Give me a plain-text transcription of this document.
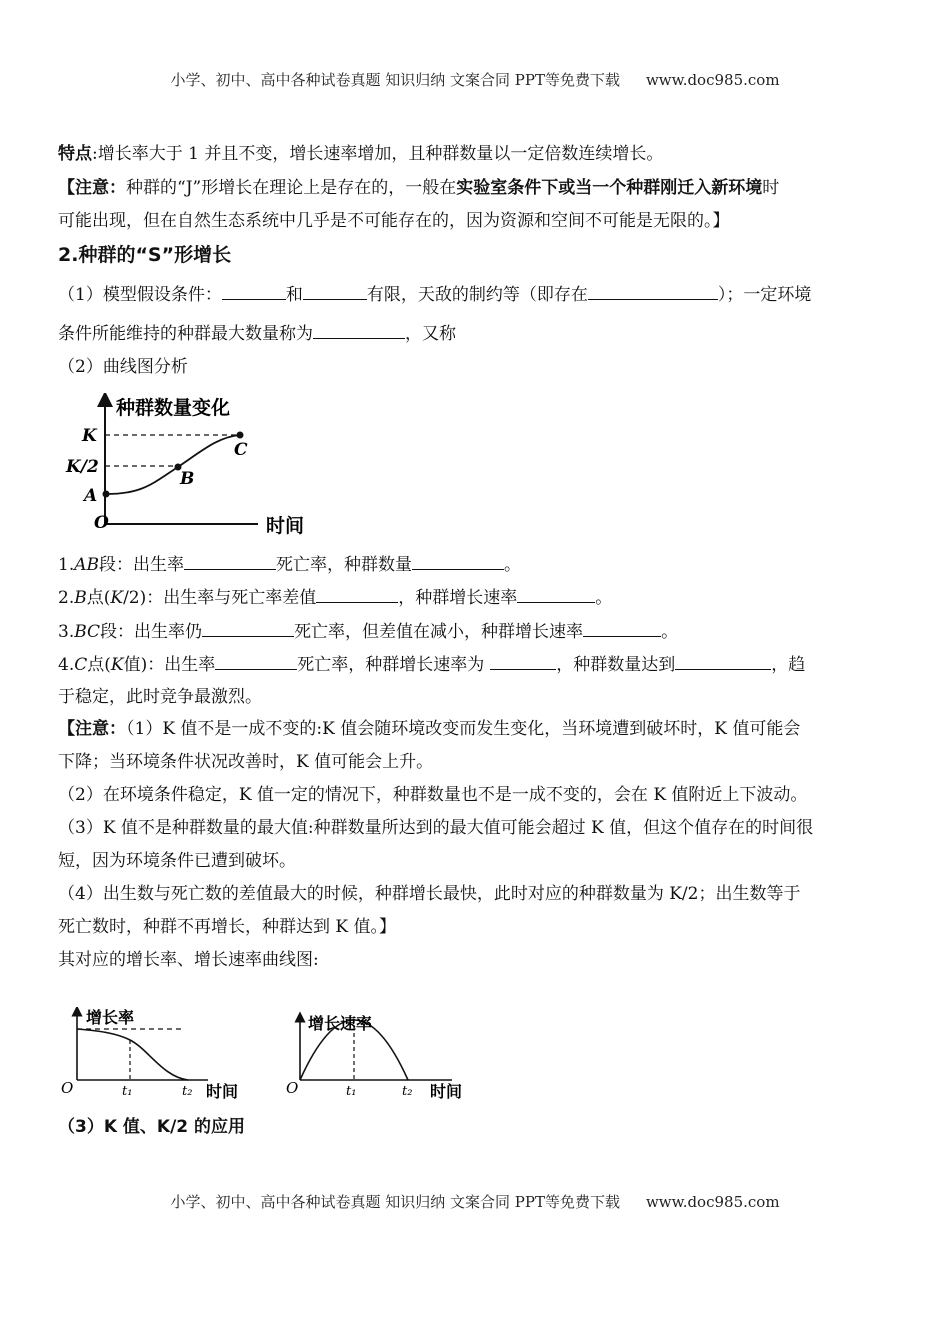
小学、初中、高中各种试卷真题 知识归纳 文案合同 PPT等免费下载 www.doc985.com
特点:增长率大于 1 并且不变，增长速率增加，且种群数量以一定倍数连续增长。
【注意：种群的“J”形增长在理论上是存在的，一般在实验室条件下或当一个种群刚迁入新环境时
可能出现，但在自然生态系统中几乎是不可能存在的，因为资源和空间不可能是无限的。】
2.种群的“S”形增长
（1）模型假设条件：	和	有限，天敌的制约等（即存在	）；一定环境
条件所能维持的种群最大数量称为	，又称
（2）曲线图分析
种群数量变化
K
K/2
A
B
C
O	时间
1.AB段：出生率	死亡率，种群数量	。
2.B点(K/2)：出生率与死亡率差值	，种群增长速率	。
3.BC段：出生率仍	死亡率，但差值在减小，种群增长速率	。
4.C点(K值)：出生率	死亡率，种群增长速率为	，种群数量达到	，趋
于稳定，此时竞争最激烈。
【注意：（1）K 值不是一成不变的:K 值会随环境改变而发生变化，当环境遭到破坏时，K 值可能会
下降；当环境条件状况改善时，K 值可能会上升。
（2）在环境条件稳定，K 值一定的情况下，种群数量也不是一成不变的，会在 K 值附近上下波动。
（3）K 值不是种群数量的最大值:种群数量所达到的最大值可能会超过 K 值，但这个值存在的时间很
短，因为环境条件已遭到破坏。
（4）出生数与死亡数的差值最大的时候，种群增长最快，此时对应的种群数量为 K/2；出生数等于
死亡数时，种群不再增长，种群达到 K 值。】
其对应的增长率、增长速率曲线图:
增长率
O	t₁	t₂ 时间
增长速率
O	t₁	t₂ 时间
（3）K 值、K/2 的应用
小学、初中、高中各种试卷真题 知识归纳 文案合同 PPT等免费下载 www.doc985.com
